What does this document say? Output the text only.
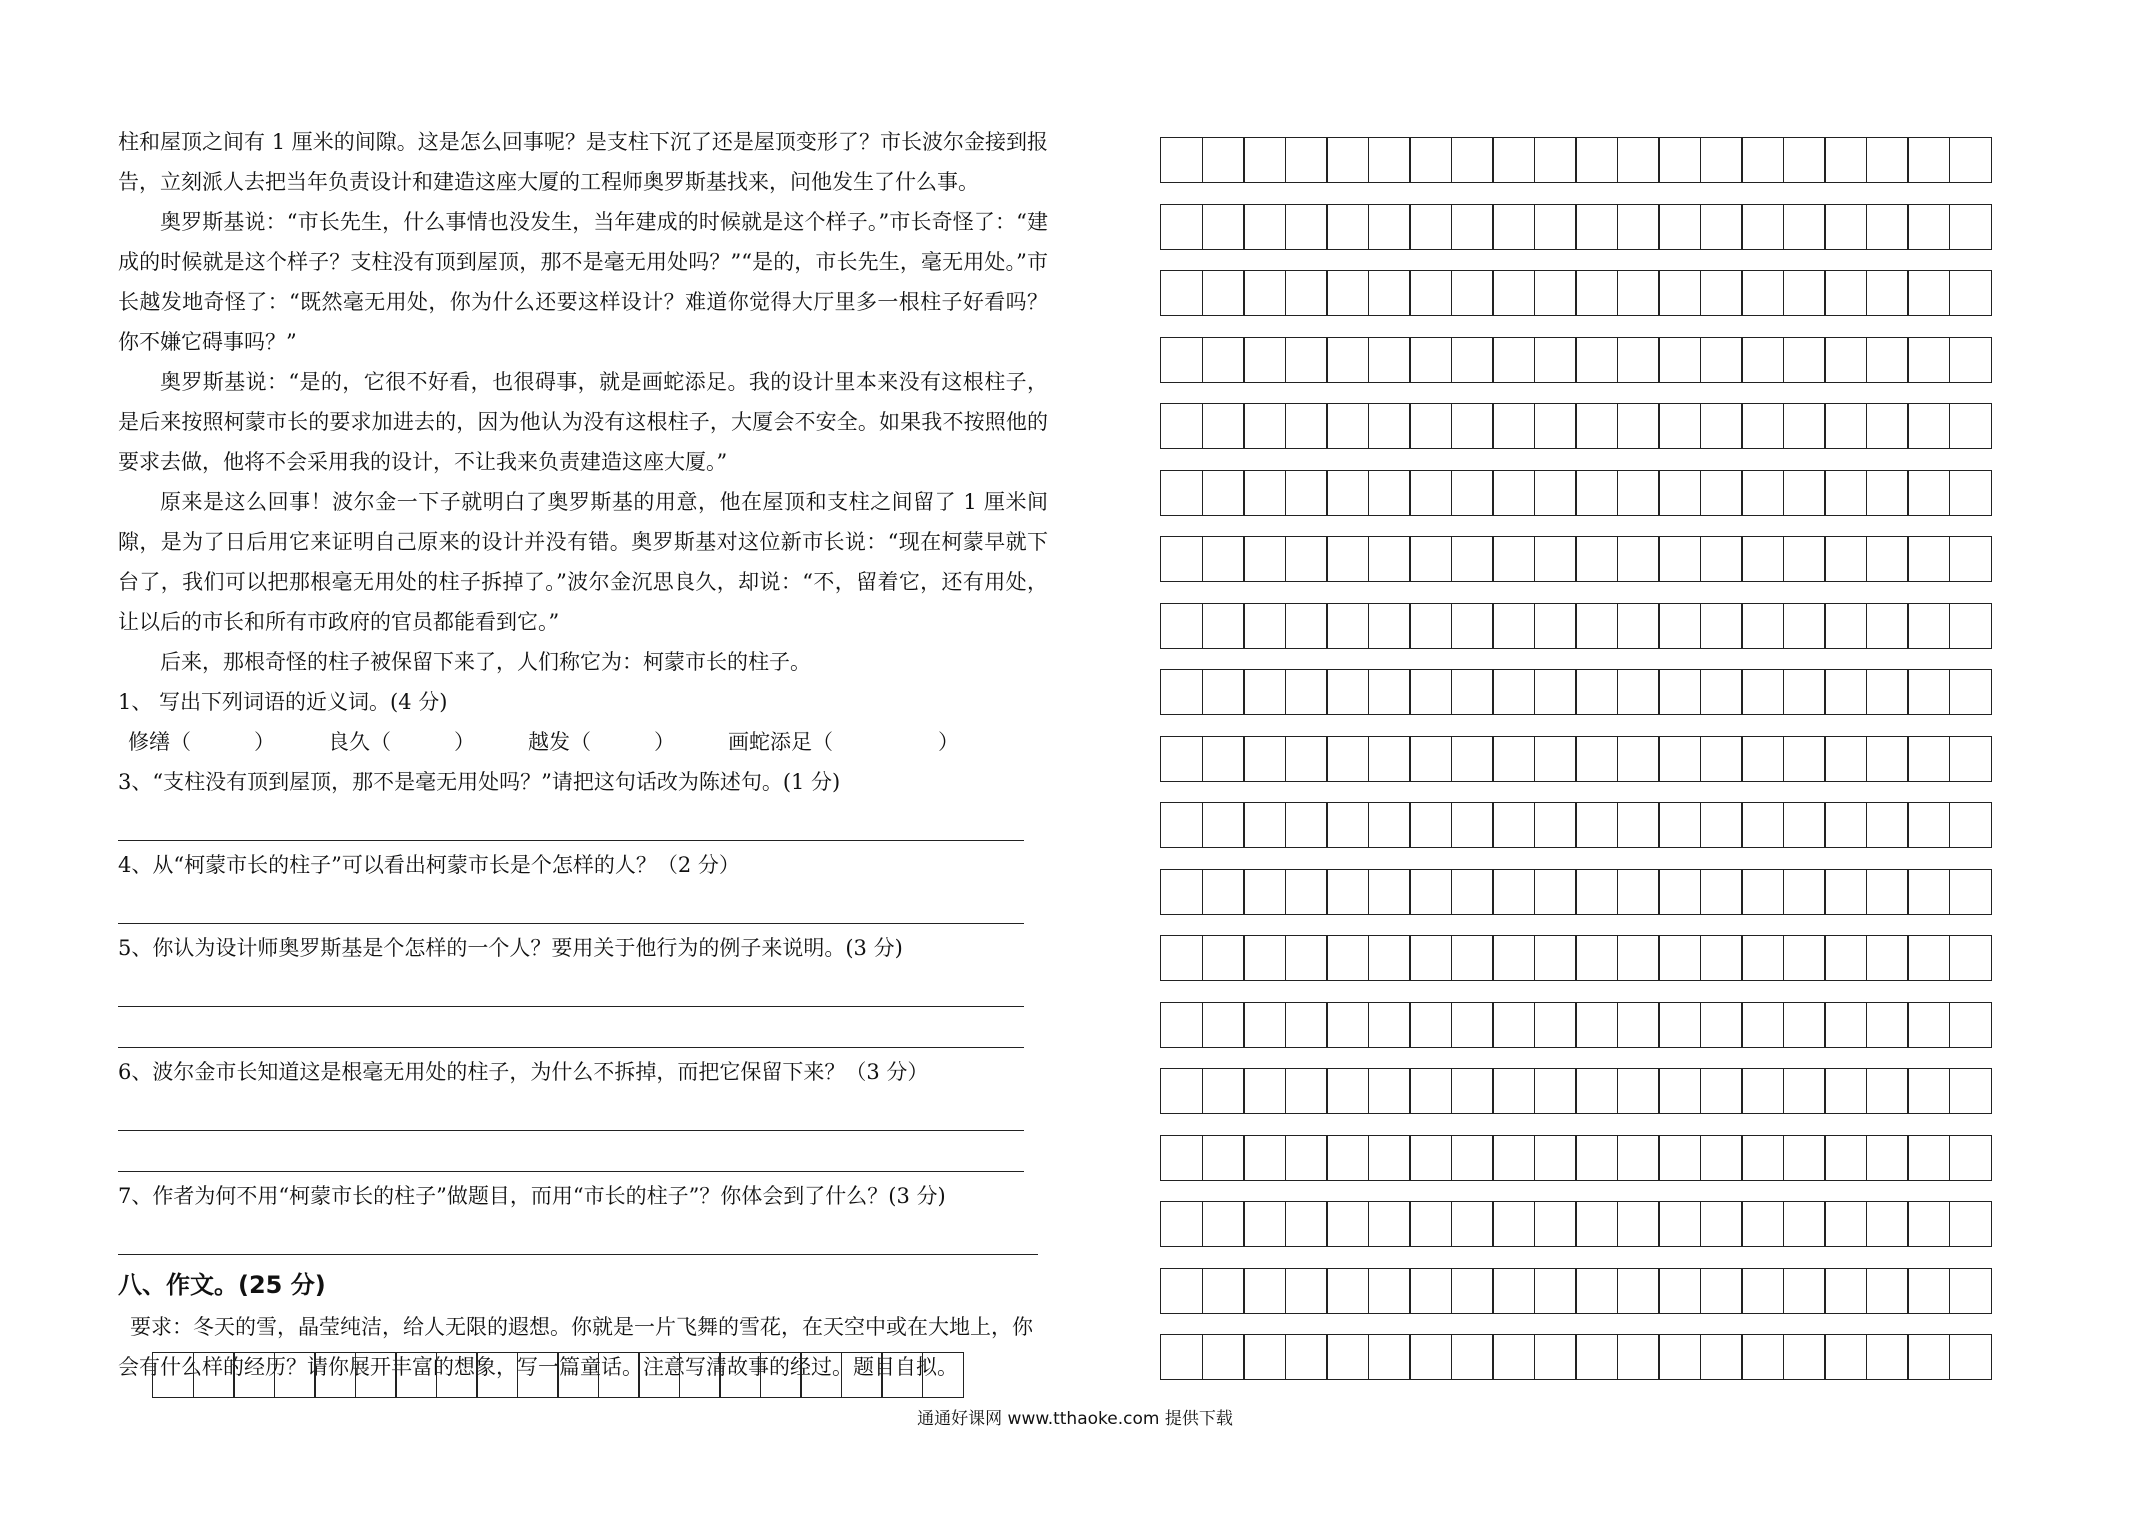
柱和屋顶之间有 1 厘米的间隙。这是怎么回事呢？是支柱下沉了还是屋顶变形了？市长波尔金接到报告，立刻派人去把当年负责设计和建造这座大厦的工程师奥罗斯基找来，问他发生了什么事。

奥罗斯基说：“市长先生，什么事情也没发生，当年建成的时候就是这个样子。”市长奇怪了：“建成的时候就是这个样子？支柱没有顶到屋顶，那不是毫无用处吗？”“是的，市长先生，毫无用处。”市长越发地奇怪了：“既然毫无用处，你为什么还要这样设计？难道你觉得大厅里多一根柱子好看吗？你不嫌它碍事吗？”

奥罗斯基说：“是的，它很不好看，也很碍事，就是画蛇添足。我的设计里本来没有这根柱子，是后来按照柯蒙市长的要求加进去的，因为他认为没有这根柱子，大厦会不安全。如果我不按照他的要求去做，他将不会采用我的设计，不让我来负责建造这座大厦。”

原来是这么回事！波尔金一下子就明白了奥罗斯基的用意，他在屋顶和支柱之间留了 1 厘米间隙，是为了日后用它来证明自己原来的设计并没有错。奥罗斯基对这位新市长说：“现在柯蒙早就下台了，我们可以把那根毫无用处的柱子拆掉了。”波尔金沉思良久，却说：“不，留着它，还有用处，让以后的市长和所有市政府的官员都能看到它。”

后来，那根奇怪的柱子被保留下来了，人们称它为：柯蒙市长的柱子。

1、 写出下列词语的近义词。(4 分)

修缮（　　　）	良久（　　　）	越发（　　　）	画蛇添足（　　　　　）

3、“支柱没有顶到屋顶，那不是毫无用处吗？”请把这句话改为陈述句。(1 分)

4、从“柯蒙市长的柱子”可以看出柯蒙市长是个怎样的人？（2 分）

5、你认为设计师奥罗斯基是个怎样的一个人？要用关于他行为的例子来说明。(3 分)

6、波尔金市长知道这是根毫无用处的柱子，为什么不拆掉，而把它保留下来？（3 分）

7、作者为何不用“柯蒙市长的柱子”做题目，而用“市长的柱子”？你体会到了什么？(3 分)

八、作文。(25 分)

要求：冬天的雪，晶莹纯洁，给人无限的遐想。你就是一片飞舞的雪花，在天空中或在大地上，你会有什么样的经历？请你展开丰富的想象，写一篇童话。注意写清故事的经过。题目自拟。

通通好课网 www.tthaoke.com 提供下载
